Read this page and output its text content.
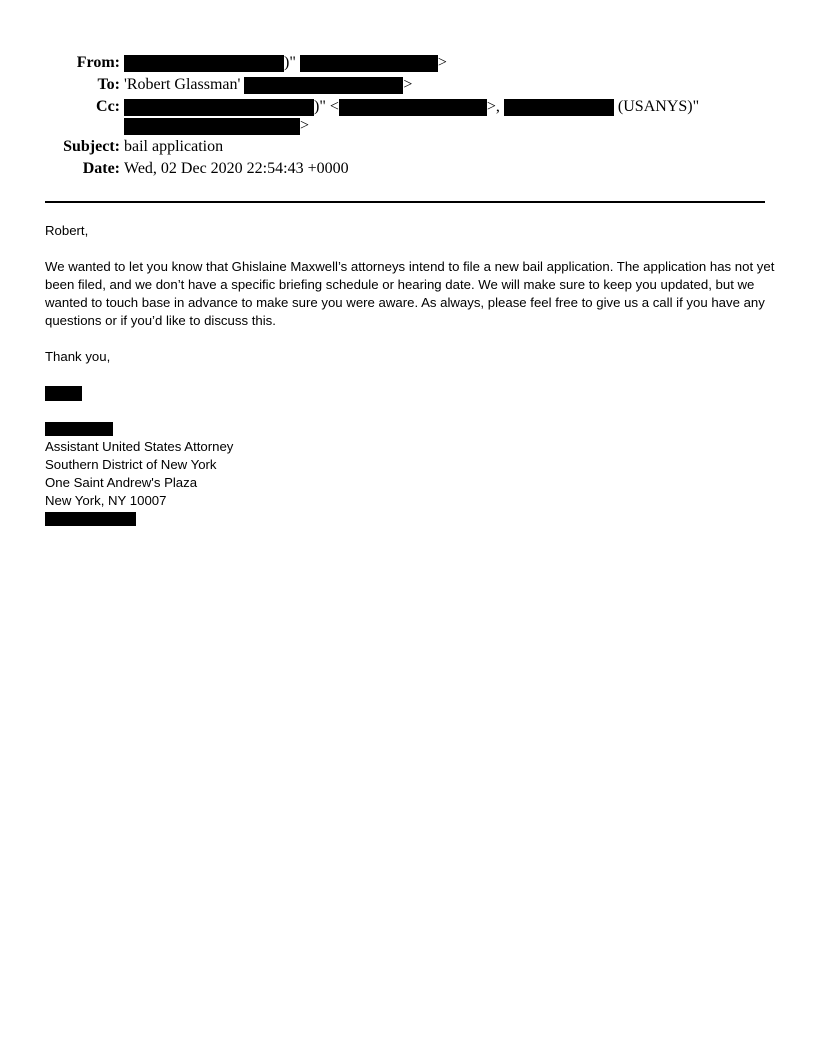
From:	)"	>
To: 'Robert Glassman'	>
Cc:	)" <	>,	(USANYS)"
>
Subject: bail application
Date: Wed, 02 Dec 2020 22:54:43 +0000

Robert,

We wanted to let you know that Ghislaine Maxwell’s attorneys intend to file a new bail application. The application has not yet been filed, and we don’t have a specific briefing schedule or hearing date. We will make sure to keep you updated, but we wanted to touch base in advance to make sure you were aware. As always, please feel free to give us a call if you have any questions or if you’d like to discuss this.

Thank you,

Assistant United States Attorney
Southern District of New York
One Saint Andrew's Plaza
New York, NY 10007
